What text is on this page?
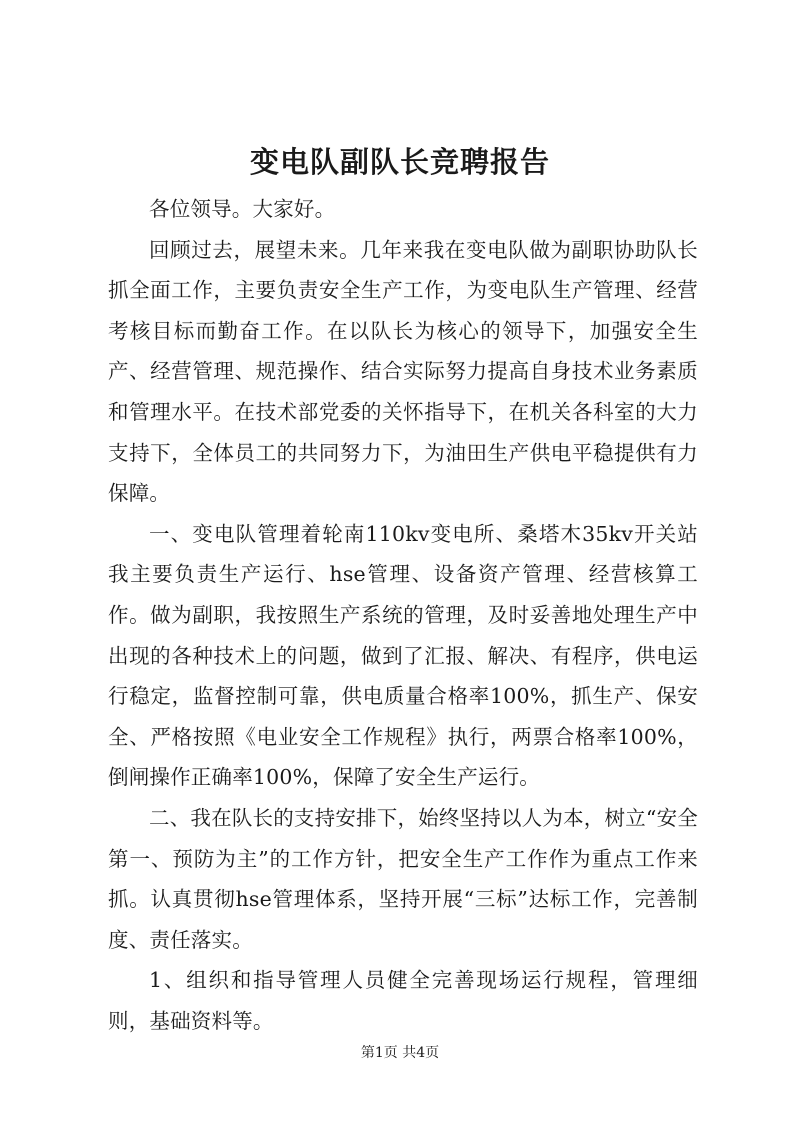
变电队副队长竞聘报告

各位领导。大家好。

回顾过去，展望未来。几年来我在变电队做为副职协助队长抓全面工作，主要负责安全生产工作，为变电队生产管理、经营考核目标而勤奋工作。在以队长为核心的领导下，加强安全生产、经营管理、规范操作、结合实际努力提高自身技术业务素质和管理水平。在技术部党委的关怀指导下，在机关各科室的大力支持下，全体员工的共同努力下，为油田生产供电平稳提供有力保障。

一、变电队管理着轮南110kv变电所、桑塔木35kv开关站我主要负责生产运行、hse管理、设备资产管理、经营核算工作。做为副职，我按照生产系统的管理，及时妥善地处理生产中出现的各种技术上的问题，做到了汇报、解决、有程序，供电运行稳定，监督控制可靠，供电质量合格率100%，抓生产、保安全、严格按照《电业安全工作规程》执行，两票合格率100%，倒闸操作正确率100%，保障了安全生产运行。

二、我在队长的支持安排下，始终坚持以人为本，树立“安全第一、预防为主”的工作方针，把安全生产工作作为重点工作来抓。认真贯彻hse管理体系，坚持开展“三标”达标工作，完善制度、责任落实。

1、组织和指导管理人员健全完善现场运行规程，管理细则，基础资料等。

第1页 共4页
